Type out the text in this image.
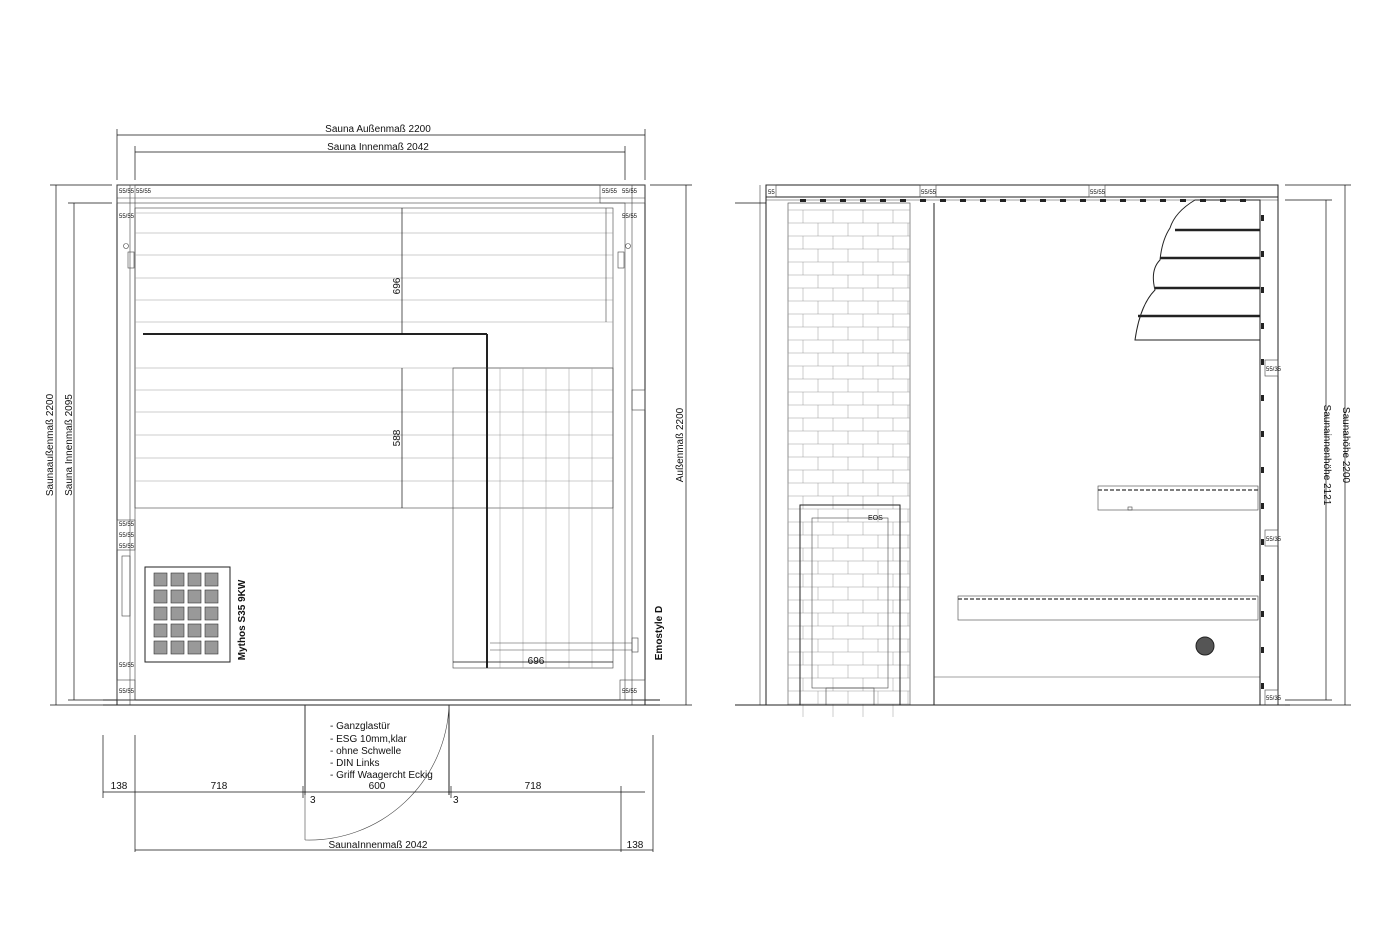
Sauna Außenmaß 2200
Sauna Innenmaß 2042
Saunaaußenmaß 2200 Sauna Innenmaß 2095	Außenmaß 2200
55/55 55/55	55/55 55/55
55/55	55/55
55/55
55/55
55/55
55/55
55/55	55/55
696
588
696
Mythos S35 9KW	Emostyle D
- Ganzglastür
- ESG 10mm,klar
- ohne Schwelle
- DIN Links
- Griff Waagercht Eckig
138	718	600	718
3	3
SaunaInnenmaß 2042	138
55	55/55	55/55
EOS
55/35
55/35
55/35
Saunahöhe 2200
Saunainnenhöhe 2121
